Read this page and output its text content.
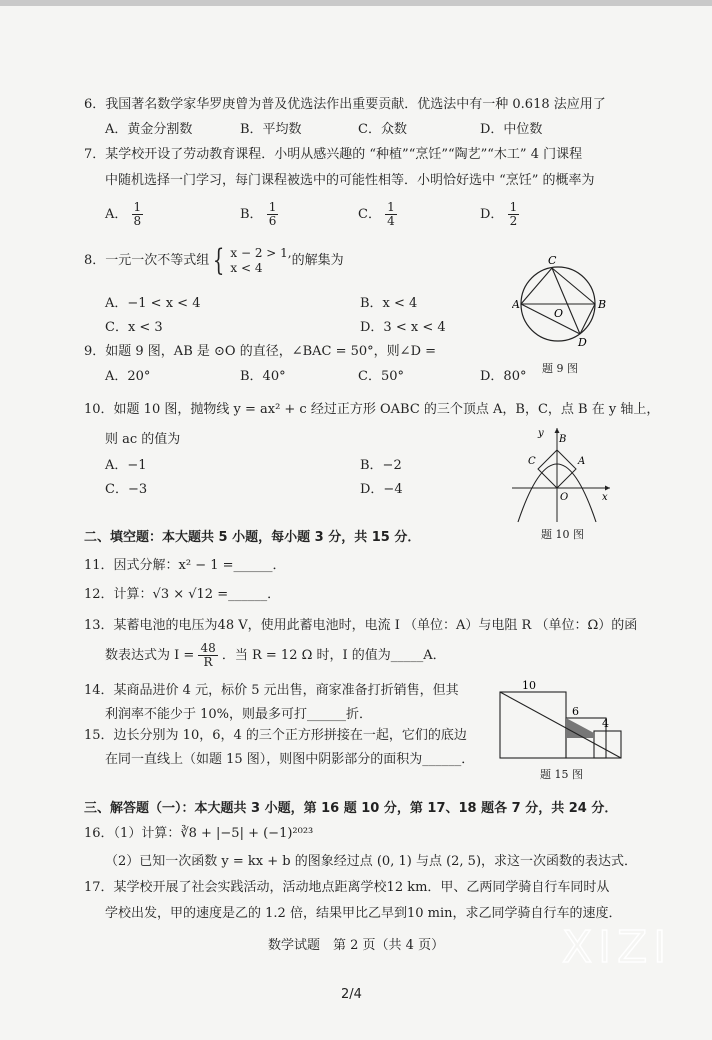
6．我国著名数学家华罗庚曾为普及优选法作出重要贡献．优选法中有一种 0.618 法应用了
A．黄金分割数	B．平均数	C．众数	D．中位数
7．某学校开设了劳动教育课程．小明从感兴趣的 “种植”“烹饪”“陶艺”“木工” 4 门课程
中随机选择一门学习，每门课程被选中的可能性相等．小明恰好选中 “烹饪” 的概率为
A． $\frac{1}{8}$	B． $\frac{1}{6}$	C． $\frac{1}{4}$	D． $\frac{1}{2}$
8．一元一次不等式组 { x − 2 > 1,
x < 4	的解集为
A．−1 < x < 4	B．x < 4
C．x < 3	D．3 < x < 4
C
A	B
O
D
题 9 图
9．如题 9 图，AB 是 ⊙O 的直径，∠BAC = 50°，则∠D =
A．20°	B．40°	C．50°	D．80°
10．如题 10 图，抛物线 y = ax² + c 经过正方形 OABC 的三个顶点 A，B，C，点 B 在 y 轴上，
则 ac 的值为
A．−1	B．−2
C．−3	D．−4
y
B
C	A
O	x
题 10 图
二、填空题：本大题共 5 小题，每小题 3 分，共 15 分．
11．因式分解：x² − 1 =______．
12．计算：√3 × √12 =______．
13．某蓄电池的电压为48 V，使用此蓄电池时，电流 I （单位：A）与电阻 R （单位：Ω）的函
数表达式为 $I = \frac{48}{R}$ ．当 R = 12 Ω 时，I 的值为_____A．
14．某商品进价 4 元，标价 5 元出售，商家准备打折销售，但其
利润率不能少于 10%，则最多可打______折．
15．边长分别为 10，6，4 的三个正方形拼接在一起，它们的底边
在同一直线上（如题 15 图），则图中阴影部分的面积为______．
10
6
4
题 15 图
三、解答题（一）：本大题共 3 小题，第 16 题 10 分，第 17、18 题各 7 分，共 24 分．
16．（1）计算：∛8 + |−5| + (−1)²⁰²³
（2）已知一次函数 y = kx + b 的图象经过点 (0, 1) 与点 (2, 5)，求这一次函数的表达式．
17．某学校开展了社会实践活动，活动地点距离学校12 km．甲、乙两同学骑自行车同时从
学校出发，甲的速度是乙的 1.2 倍，结果甲比乙早到10 min，求乙同学骑自行车的速度．
数学试题　第 2 页（共 4 页）
2/4
XIZI
